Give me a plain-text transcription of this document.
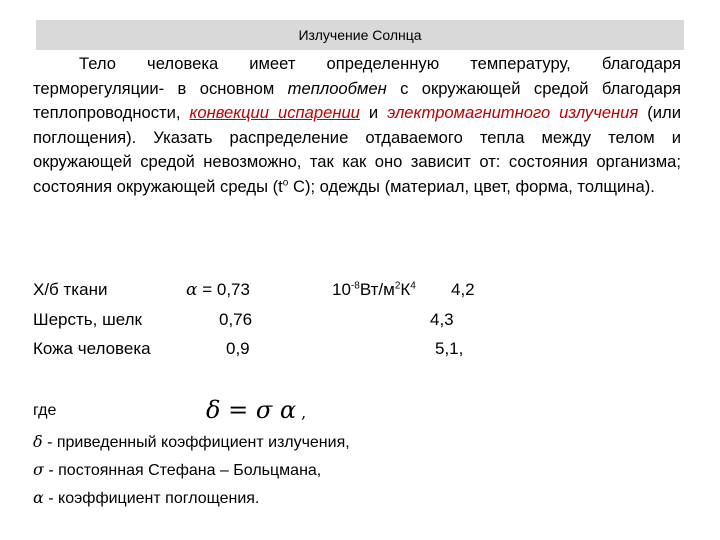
Излучение Солнца
Тело человека имеет определенную температуру, благодаря терморегуляции- в основном теплообмен с окружающей средой благодаря теплопроводности, конвекции испарении и электромагнитного излучения (или поглощения). Указать распределение отдаваемого тепла между телом и окружающей средой невозможно, так как оно зависит от: состояния организма; состояния окружающей среды ($t^o$ C); одежды (материал, цвет, форма, толщина).
Х/б ткани
Шерсть, шелк
Кожа человека
α = 0,73
0,76
0,9
$10^{-8}Вт/м^2К^4$ 4,2
4,3
5,1,
где	δ = σ α ,
δ - приведенный коэффициент излучения,
σ - постоянная Стефана – Больцмана,
α - коэффициент поглощения.
